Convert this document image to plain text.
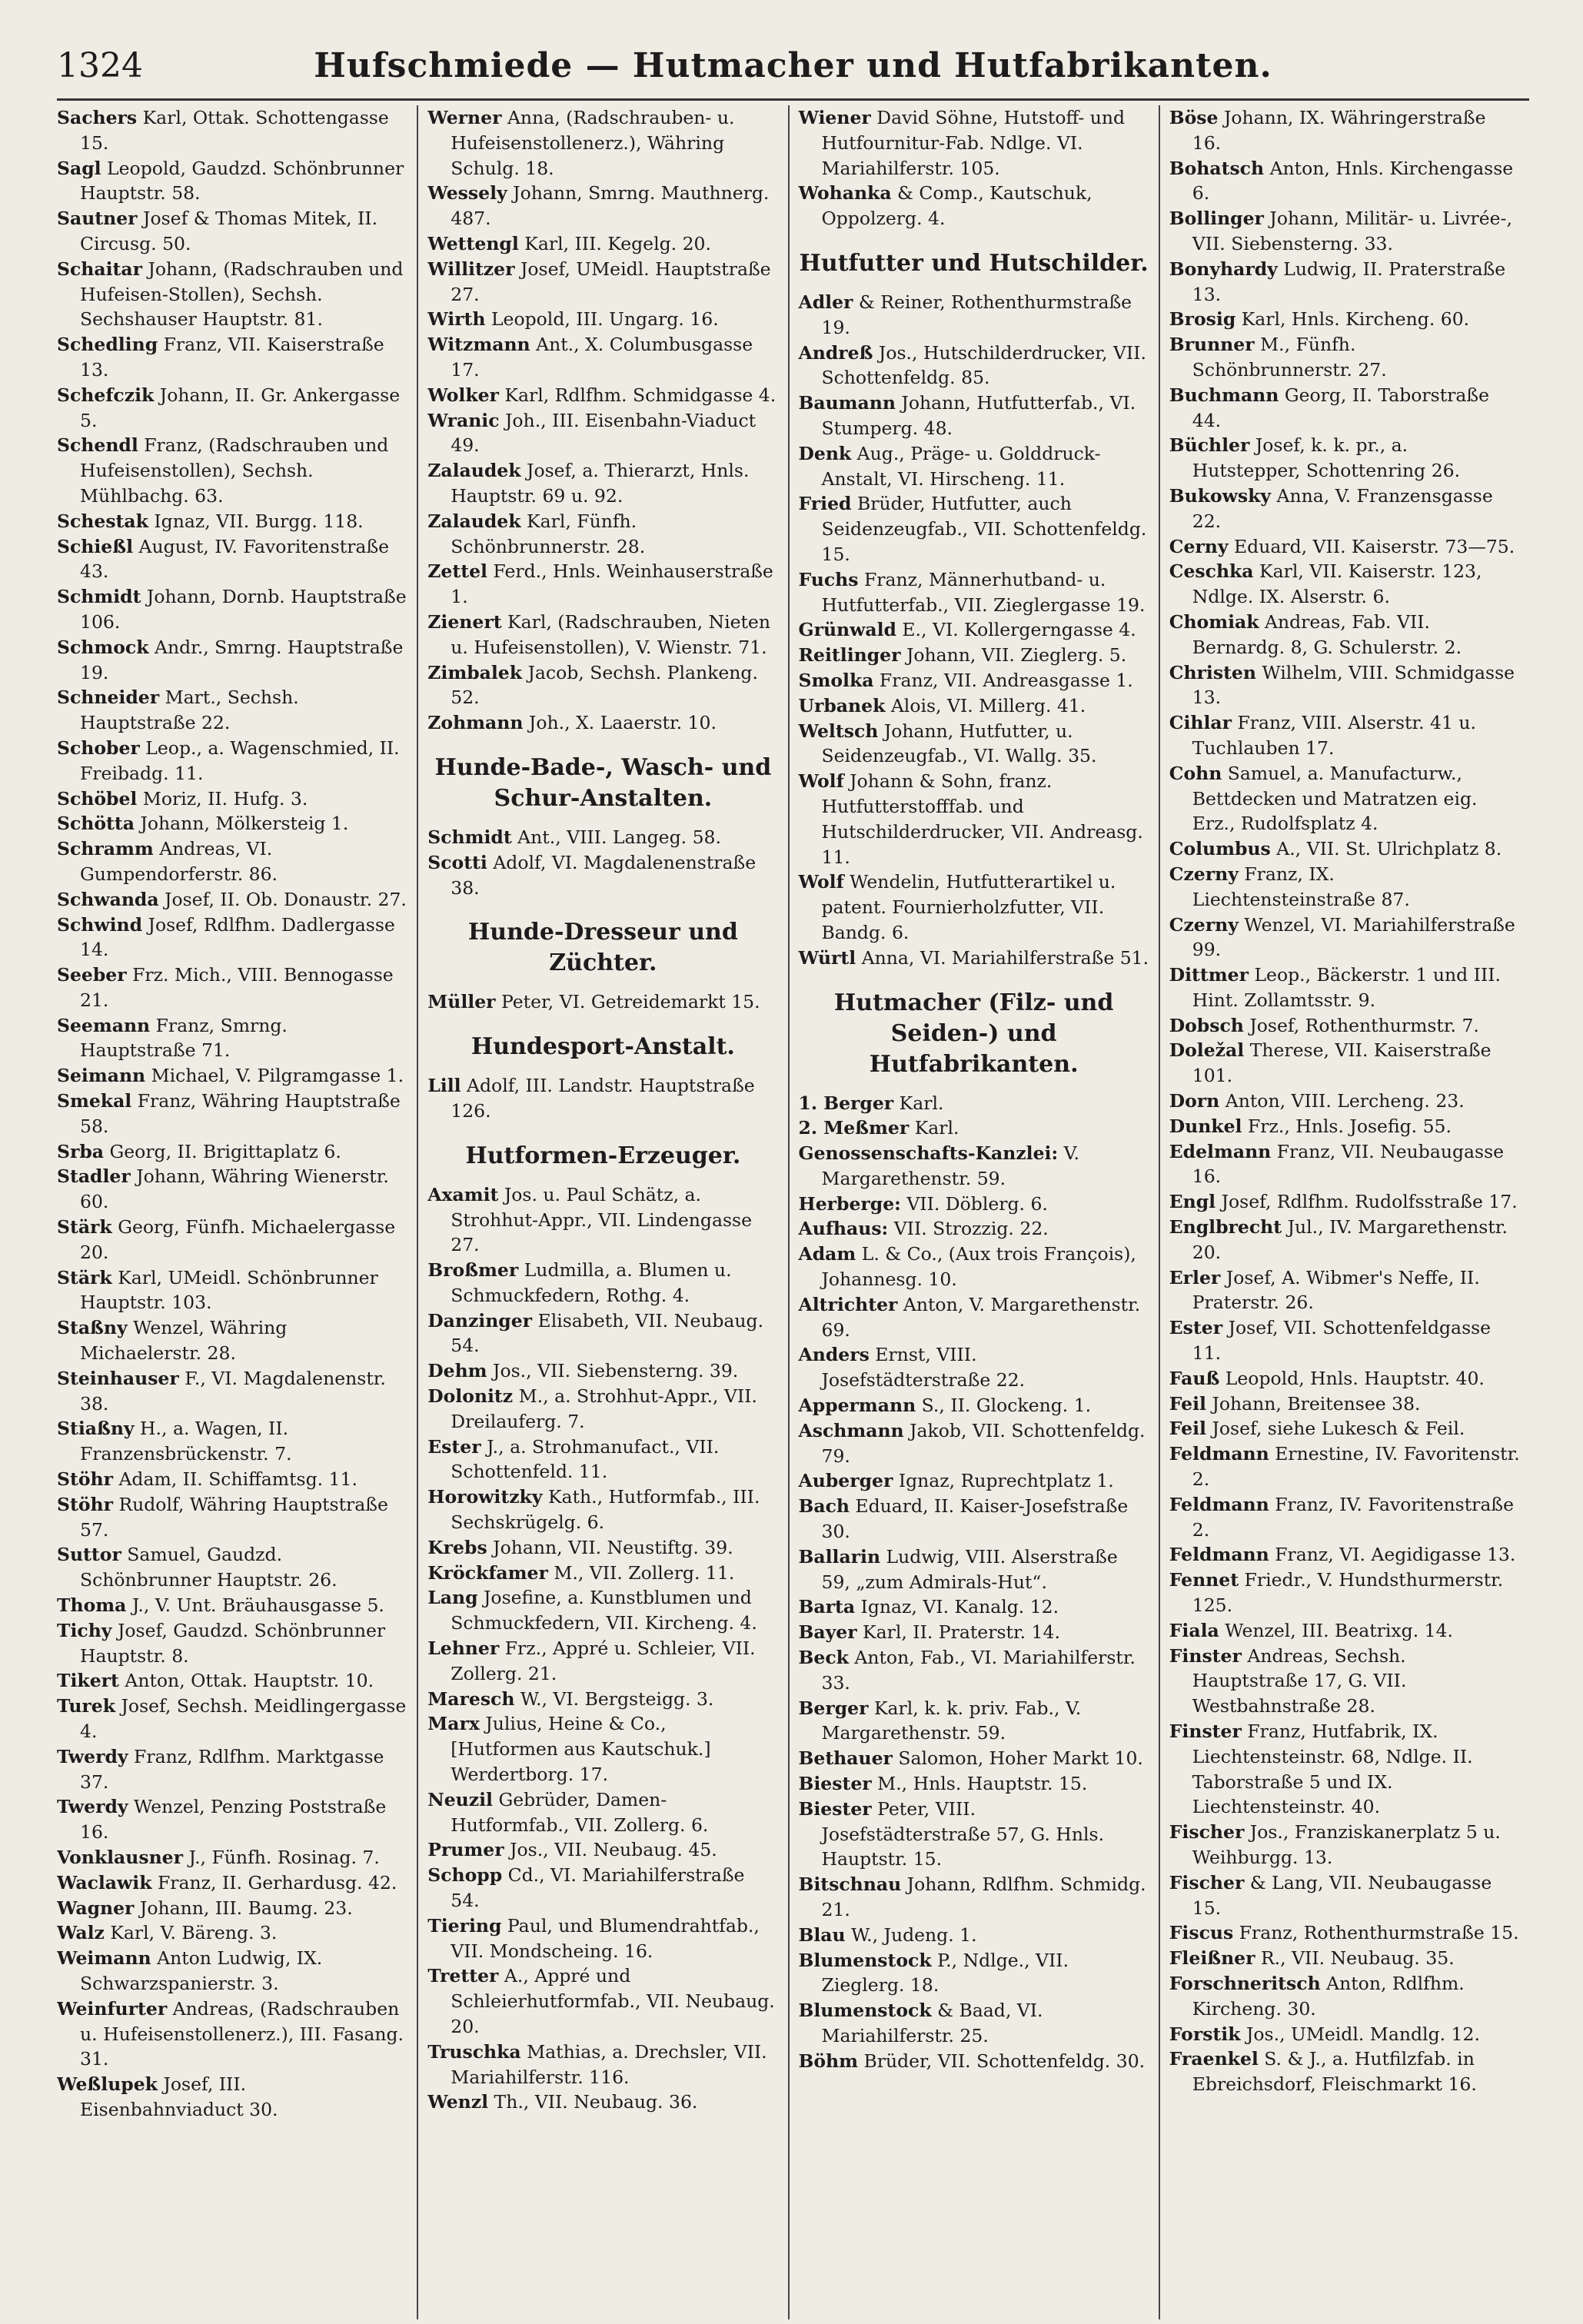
1324	Hufschmiede — Hutmacher und Hutfabrikanten.

Sachers Karl, Ottak. Schottengasse 15.

Sagl Leopold, Gaudzd. Schönbrunner Hauptstr. 58.

Sautner Josef & Thomas Mitek, II. Circusg. 50.

Schaitar Johann, (Radschrauben und Hufeisen-Stollen), Sechsh. Sechshauser Hauptstr. 81.

Schedling Franz, VII. Kaiserstraße 13.

Schefczik Johann, II. Gr. Ankergasse 5.

Schendl Franz, (Radschrauben und Hufeisenstollen), Sechsh. Mühlbachg. 63.

Schestak Ignaz, VII. Burgg. 118.

Schießl August, IV. Favoritenstraße 43.

Schmidt Johann, Dornb. Hauptstraße 106.

Schmock Andr., Smrng. Hauptstraße 19.

Schneider Mart., Sechsh. Hauptstraße 22.

Schober Leop., a. Wagenschmied, II. Freibadg. 11.

Schöbel Moriz, II. Hufg. 3.

Schötta Johann, Mölkersteig 1.

Schramm Andreas, VI. Gumpendorferstr. 86.

Schwanda Josef, II. Ob. Donaustr. 27.

Schwind Josef, Rdlfhm. Dadlergasse 14.

Seeber Frz. Mich., VIII. Bennogasse 21.

Seemann Franz, Smrng. Hauptstraße 71.

Seimann Michael, V. Pilgramgasse 1.

Smekal Franz, Währing Hauptstraße 58.

Srba Georg, II. Brigittaplatz 6.

Stadler Johann, Währing Wienerstr. 60.

Stärk Georg, Fünfh. Michaelergasse 20.

Stärk Karl, UMeidl. Schönbrunner Hauptstr. 103.

Staßny Wenzel, Währing Michaelerstr. 28.

Steinhauser F., VI. Magdalenenstr. 38.

Stiaßny H., a. Wagen, II. Franzensbrückenstr. 7.

Stöhr Adam, II. Schiffamtsg. 11.

Stöhr Rudolf, Währing Hauptstraße 57.

Suttor Samuel, Gaudzd. Schönbrunner Hauptstr. 26.

Thoma J., V. Unt. Bräuhausgasse 5.

Tichy Josef, Gaudzd. Schönbrunner Hauptstr. 8.

Tikert Anton, Ottak. Hauptstr. 10.

Turek Josef, Sechsh. Meidlingergasse 4.

Twerdy Franz, Rdlfhm. Marktgasse 37.

Twerdy Wenzel, Penzing Poststraße 16.

Vonklausner J., Fünfh. Rosinag. 7.

Waclawik Franz, II. Gerhardusg. 42.

Wagner Johann, III. Baumg. 23.

Walz Karl, V. Bäreng. 3.

Weimann Anton Ludwig, IX. Schwarzspanierstr. 3.

Weinfurter Andreas, (Radschrauben u. Hufeisenstollenerz.), III. Fasang. 31.

Weßlupek Josef, III. Eisenbahnviaduct 30.

Werner Anna, (Radschrauben- u. Hufeisenstollenerz.), Währing Schulg. 18.

Wessely Johann, Smrng. Mauthnerg. 487.

Wettengl Karl, III. Kegelg. 20.

Willitzer Josef, UMeidl. Hauptstraße 27.

Wirth Leopold, III. Ungarg. 16.

Witzmann Ant., X. Columbusgasse 17.

Wolker Karl, Rdlfhm. Schmidgasse 4.

Wranic Joh., III. Eisenbahn-Viaduct 49.

Zalaudek Josef, a. Thierarzt, Hnls. Hauptstr. 69 u. 92.

Zalaudek Karl, Fünfh. Schönbrunnerstr. 28.

Zettel Ferd., Hnls. Weinhauserstraße 1.

Zienert Karl, (Radschrauben, Nieten u. Hufeisenstollen), V. Wienstr. 71.

Zimbalek Jacob, Sechsh. Plankeng. 52.

Zohmann Joh., X. Laaerstr. 10.

Hunde-Bade-, Wasch- und Schur-Anstalten.

Schmidt Ant., VIII. Langeg. 58.

Scotti Adolf, VI. Magdalenenstraße 38.

Hunde-Dresseur und Züchter.

Müller Peter, VI. Getreidemarkt 15.

Hundesport-Anstalt.

Lill Adolf, III. Landstr. Hauptstraße 126.

Hutformen-Erzeuger.

Axamit Jos. u. Paul Schätz, a. Strohhut-Appr., VII. Lindengasse 27.

Broßmer Ludmilla, a. Blumen u. Schmuckfedern, Rothg. 4.

Danzinger Elisabeth, VII. Neubaug. 54.

Dehm Jos., VII. Siebensterng. 39.

Dolonitz M., a. Strohhut-Appr., VII. Dreilauferg. 7.

Ester J., a. Strohmanufact., VII. Schottenfeld. 11.

Horowitzky Kath., Hutformfab., III. Sechskrügelg. 6.

Krebs Johann, VII. Neustiftg. 39.

Kröckfamer M., VII. Zollerg. 11.

Lang Josefine, a. Kunstblumen und Schmuckfedern, VII. Kircheng. 4.

Lehner Frz., Appré u. Schleier, VII. Zollerg. 21.

Maresch W., VI. Bergsteigg. 3.

Marx Julius, Heine & Co., [Hutformen aus Kautschuk.] Werdertborg. 17.

Neuzil Gebrüder, Damen-Hutformfab., VII. Zollerg. 6.

Prumer Jos., VII. Neubaug. 45.

Schopp Cd., VI. Mariahilferstraße 54.

Tiering Paul, und Blumendrahtfab., VII. Mondscheing. 16.

Tretter A., Appré und Schleierhutformfab., VII. Neubaug. 20.

Truschka Mathias, a. Drechsler, VII. Mariahilferstr. 116.

Wenzl Th., VII. Neubaug. 36.

Wiener David Söhne, Hutstoff- und Hutfournitur-Fab. Ndlge. VI. Mariahilferstr. 105.

Wohanka & Comp., Kautschuk, Oppolzerg. 4.

Hutfutter und Hutschilder.

Adler & Reiner, Rothenthurmstraße 19.

Andreß Jos., Hutschilderdrucker, VII. Schottenfeldg. 85.

Baumann Johann, Hutfutterfab., VI. Stumperg. 48.

Denk Aug., Präge- u. Golddruck-Anstalt, VI. Hirscheng. 11.

Fried Brüder, Hutfutter, auch Seidenzeugfab., VII. Schottenfeldg. 15.

Fuchs Franz, Männerhutband- u. Hutfutterfab., VII. Zieglergasse 19.

Grünwald E., VI. Kollergerngasse 4.

Reitlinger Johann, VII. Zieglerg. 5.

Smolka Franz, VII. Andreasgasse 1.

Urbanek Alois, VI. Millerg. 41.

Weltsch Johann, Hutfutter, u. Seidenzeugfab., VI. Wallg. 35.

Wolf Johann & Sohn, franz. Hutfutterstofffab. und Hutschilderdrucker, VII. Andreasg. 11.

Wolf Wendelin, Hutfutterartikel u. patent. Fournierholzfutter, VII. Bandg. 6.

Würtl Anna, VI. Mariahilferstraße 51.

Hutmacher (Filz- und Seiden-) und Hutfabrikanten.

1. Berger Karl.

2. Meßmer Karl.

Genossenschafts-Kanzlei: V. Margarethenstr. 59.

Herberge: VII. Döblerg. 6.

Aufhaus: VII. Strozzig. 22.

Adam L. & Co., (Aux trois François), Johannesg. 10.

Altrichter Anton, V. Margarethenstr. 69.

Anders Ernst, VIII. Josefstädterstraße 22.

Appermann S., II. Glockeng. 1.

Aschmann Jakob, VII. Schottenfeldg. 79.

Auberger Ignaz, Ruprechtplatz 1.

Bach Eduard, II. Kaiser-Josefstraße 30.

Ballarin Ludwig, VIII. Alserstraße 59, „zum Admirals-Hut“.

Barta Ignaz, VI. Kanalg. 12.

Bayer Karl, II. Praterstr. 14.

Beck Anton, Fab., VI. Mariahilferstr. 33.

Berger Karl, k. k. priv. Fab., V. Margarethenstr. 59.

Bethauer Salomon, Hoher Markt 10.

Biester M., Hnls. Hauptstr. 15.

Biester Peter, VIII. Josefstädterstraße 57, G. Hnls. Hauptstr. 15.

Bitschnau Johann, Rdlfhm. Schmidg. 21.

Blau W., Judeng. 1.

Blumenstock P., Ndlge., VII. Zieglerg. 18.

Blumenstock & Baad, VI. Mariahilferstr. 25.

Böhm Brüder, VII. Schottenfeldg. 30.

Böse Johann, IX. Währingerstraße 16.

Bohatsch Anton, Hnls. Kirchengasse 6.

Bollinger Johann, Militär- u. Livrée-, VII. Siebensterng. 33.

Bonyhardy Ludwig, II. Praterstraße 13.

Brosig Karl, Hnls. Kircheng. 60.

Brunner M., Fünfh. Schönbrunnerstr. 27.

Buchmann Georg, II. Taborstraße 44.

Büchler Josef, k. k. pr., a. Hutstepper, Schottenring 26.

Bukowsky Anna, V. Franzensgasse 22.

Cerny Eduard, VII. Kaiserstr. 73—75.

Ceschka Karl, VII. Kaiserstr. 123, Ndlge. IX. Alserstr. 6.

Chomiak Andreas, Fab. VII. Bernardg. 8, G. Schulerstr. 2.

Christen Wilhelm, VIII. Schmidgasse 13.

Cihlar Franz, VIII. Alserstr. 41 u. Tuchlauben 17.

Cohn Samuel, a. Manufacturw., Bettdecken und Matratzen eig. Erz., Rudolfsplatz 4.

Columbus A., VII. St. Ulrichplatz 8.

Czerny Franz, IX. Liechtensteinstraße 87.

Czerny Wenzel, VI. Mariahilferstraße 99.

Dittmer Leop., Bäckerstr. 1 und III. Hint. Zollamtsstr. 9.

Dobsch Josef, Rothenthurmstr. 7.

Doležal Therese, VII. Kaiserstraße 101.

Dorn Anton, VIII. Lercheng. 23.

Dunkel Frz., Hnls. Josefig. 55.

Edelmann Franz, VII. Neubaugasse 16.

Engl Josef, Rdlfhm. Rudolfsstraße 17.

Englbrecht Jul., IV. Margarethenstr. 20.

Erler Josef, A. Wibmer's Neffe, II. Praterstr. 26.

Ester Josef, VII. Schottenfeldgasse 11.

Fauß Leopold, Hnls. Hauptstr. 40.

Feil Johann, Breitensee 38.

Feil Josef, siehe Lukesch & Feil.

Feldmann Ernestine, IV. Favoritenstr. 2.

Feldmann Franz, IV. Favoritenstraße 2.

Feldmann Franz, VI. Aegidigasse 13.

Fennet Friedr., V. Hundsthurmerstr. 125.

Fiala Wenzel, III. Beatrixg. 14.

Finster Andreas, Sechsh. Hauptstraße 17, G. VII. Westbahnstraße 28.

Finster Franz, Hutfabrik, IX. Liechtensteinstr. 68, Ndlge. II. Taborstraße 5 und IX. Liechtensteinstr. 40.

Fischer Jos., Franziskanerplatz 5 u. Weihburgg. 13.

Fischer & Lang, VII. Neubaugasse 15.

Fiscus Franz, Rothenthurmstraße 15.

Fleißner R., VII. Neubaug. 35.

Forschneritsch Anton, Rdlfhm. Kircheng. 30.

Forstik Jos., UMeidl. Mandlg. 12.

Fraenkel S. & J., a. Hutfilzfab. in Ebreichsdorf, Fleischmarkt 16.
